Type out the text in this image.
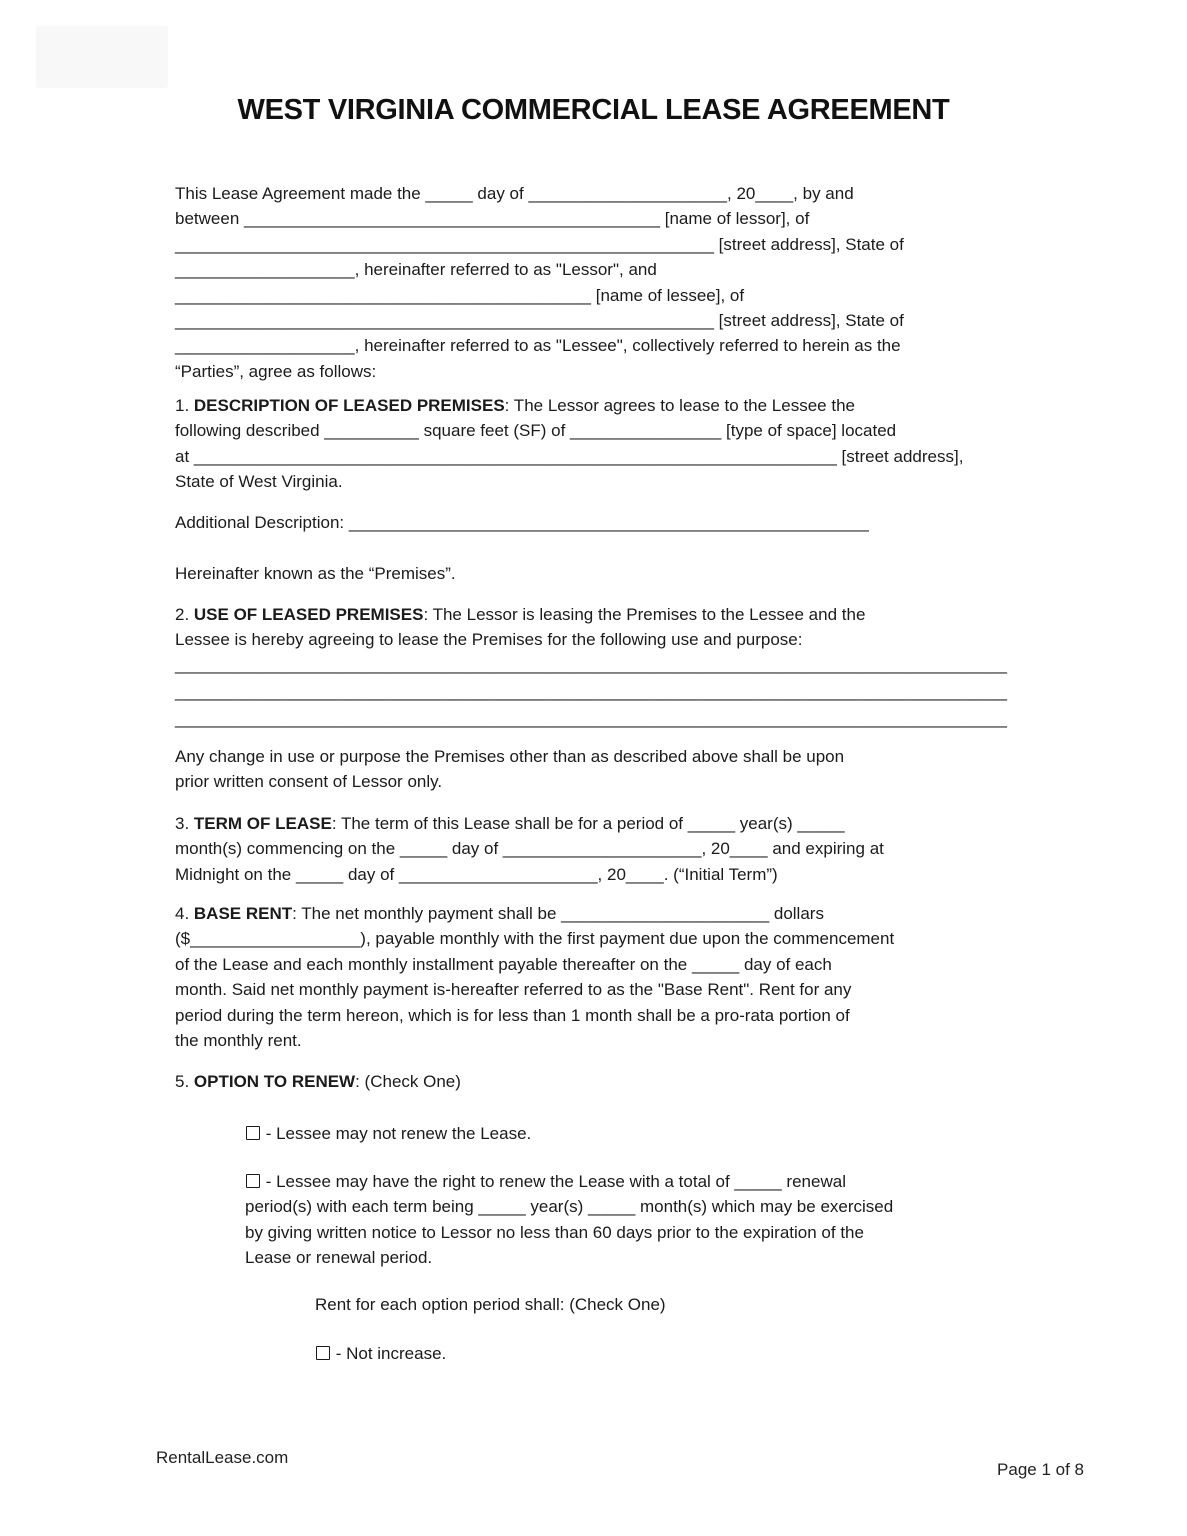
WEST VIRGINIA COMMERCIAL LEASE AGREEMENT
This Lease Agreement made the _____ day of _____________________, 20____, by and
between ____________________________________________ [name of lessor], of
_________________________________________________________ [street address], State of
___________________, hereinafter referred to as "Lessor", and
____________________________________________ [name of lessee], of
_________________________________________________________ [street address], State of
___________________, hereinafter referred to as "Lessee", collectively referred to herein as the
“Parties”, agree as follows:
1. DESCRIPTION OF LEASED PREMISES: The Lessor agrees to lease to the Lessee the
following described __________ square feet (SF) of ________________ [type of space] located
at ____________________________________________________________________ [street address],
State of West Virginia.
Additional Description: _______________________________________________________
Hereinafter known as the “Premises”.
2. USE OF LEASED PREMISES: The Lessor is leasing the Premises to the Lessee and the
Lessee is hereby agreeing to lease the Premises for the following use and purpose:
________________________________________________________________________________________
________________________________________________________________________________________
________________________________________________________________________________________
Any change in use or purpose the Premises other than as described above shall be upon
prior written consent of Lessor only.
3. TERM OF LEASE: The term of this Lease shall be for a period of _____ year(s) _____
month(s) commencing on the _____ day of _____________________, 20____ and expiring at
Midnight on the _____ day of _____________________, 20____. (“Initial Term”)
4. BASE RENT: The net monthly payment shall be ______________________ dollars
($__________________), payable monthly with the first payment due upon the commencement
of the Lease and each monthly installment payable thereafter on the _____ day of each
month. Said net monthly payment is-hereafter referred to as the "Base Rent". Rent for any
period during the term hereon, which is for less than 1 month shall be a pro-rata portion of
the monthly rent.
5. OPTION TO RENEW: (Check One)
- Lessee may not renew the Lease.
- Lessee may have the right to renew the Lease with a total of _____ renewal
period(s) with each term being _____ year(s) _____ month(s) which may be exercised
by giving written notice to Lessor no less than 60 days prior to the expiration of the
Lease or renewal period.
Rent for each option period shall: (Check One)
- Not increase.
RentalLease.com
Page 1 of 8
